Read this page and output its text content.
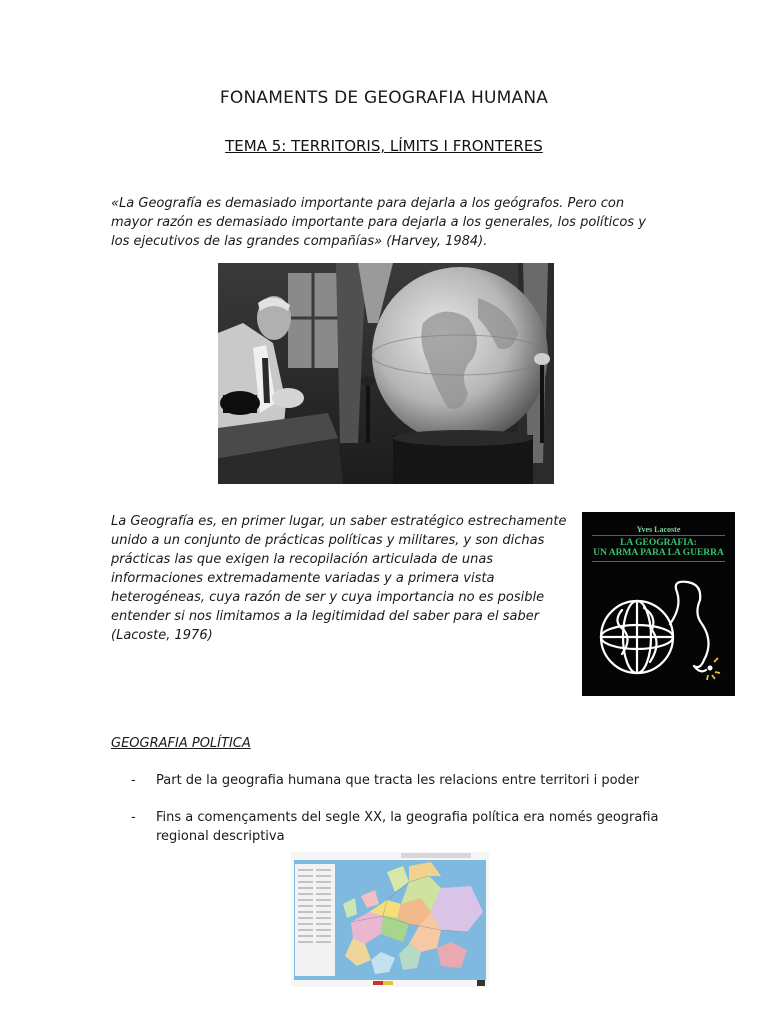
FONAMENTS DE GEOGRAFIA HUMANA
TEMA 5: TERRITORIS, LÍMITS I FRONTERES
«La Geografía es demasiado importante para dejarla a los geógrafos. Pero con mayor razón es demasiado importante para dejarla a los generales, los políticos y los ejecutivos de las grandes compañías» (Harvey, 1984).
La Geografía es, en primer lugar, un saber estratégico estrechamente unido a un conjunto de prácticas políticas y militares, y son dichas prácticas las que exigen la recopilación articulada de unas informaciones extremadamente variadas y a primera vista heterogéneas, cuya razón de ser y cuya importancia no es posible entender si nos limitamos a la legitimidad del saber para el saber (Lacoste, 1976)
Yves Lacoste
LA GEOGRAFIA:
UN ARMA PARA LA GUERRA
GEOGRAFIA POLÍTICA
- Part de la geografia humana que tracta les relacions entre territori i poder
- Fins a començaments del segle XX, la geografia política era només geografia regional descriptiva
